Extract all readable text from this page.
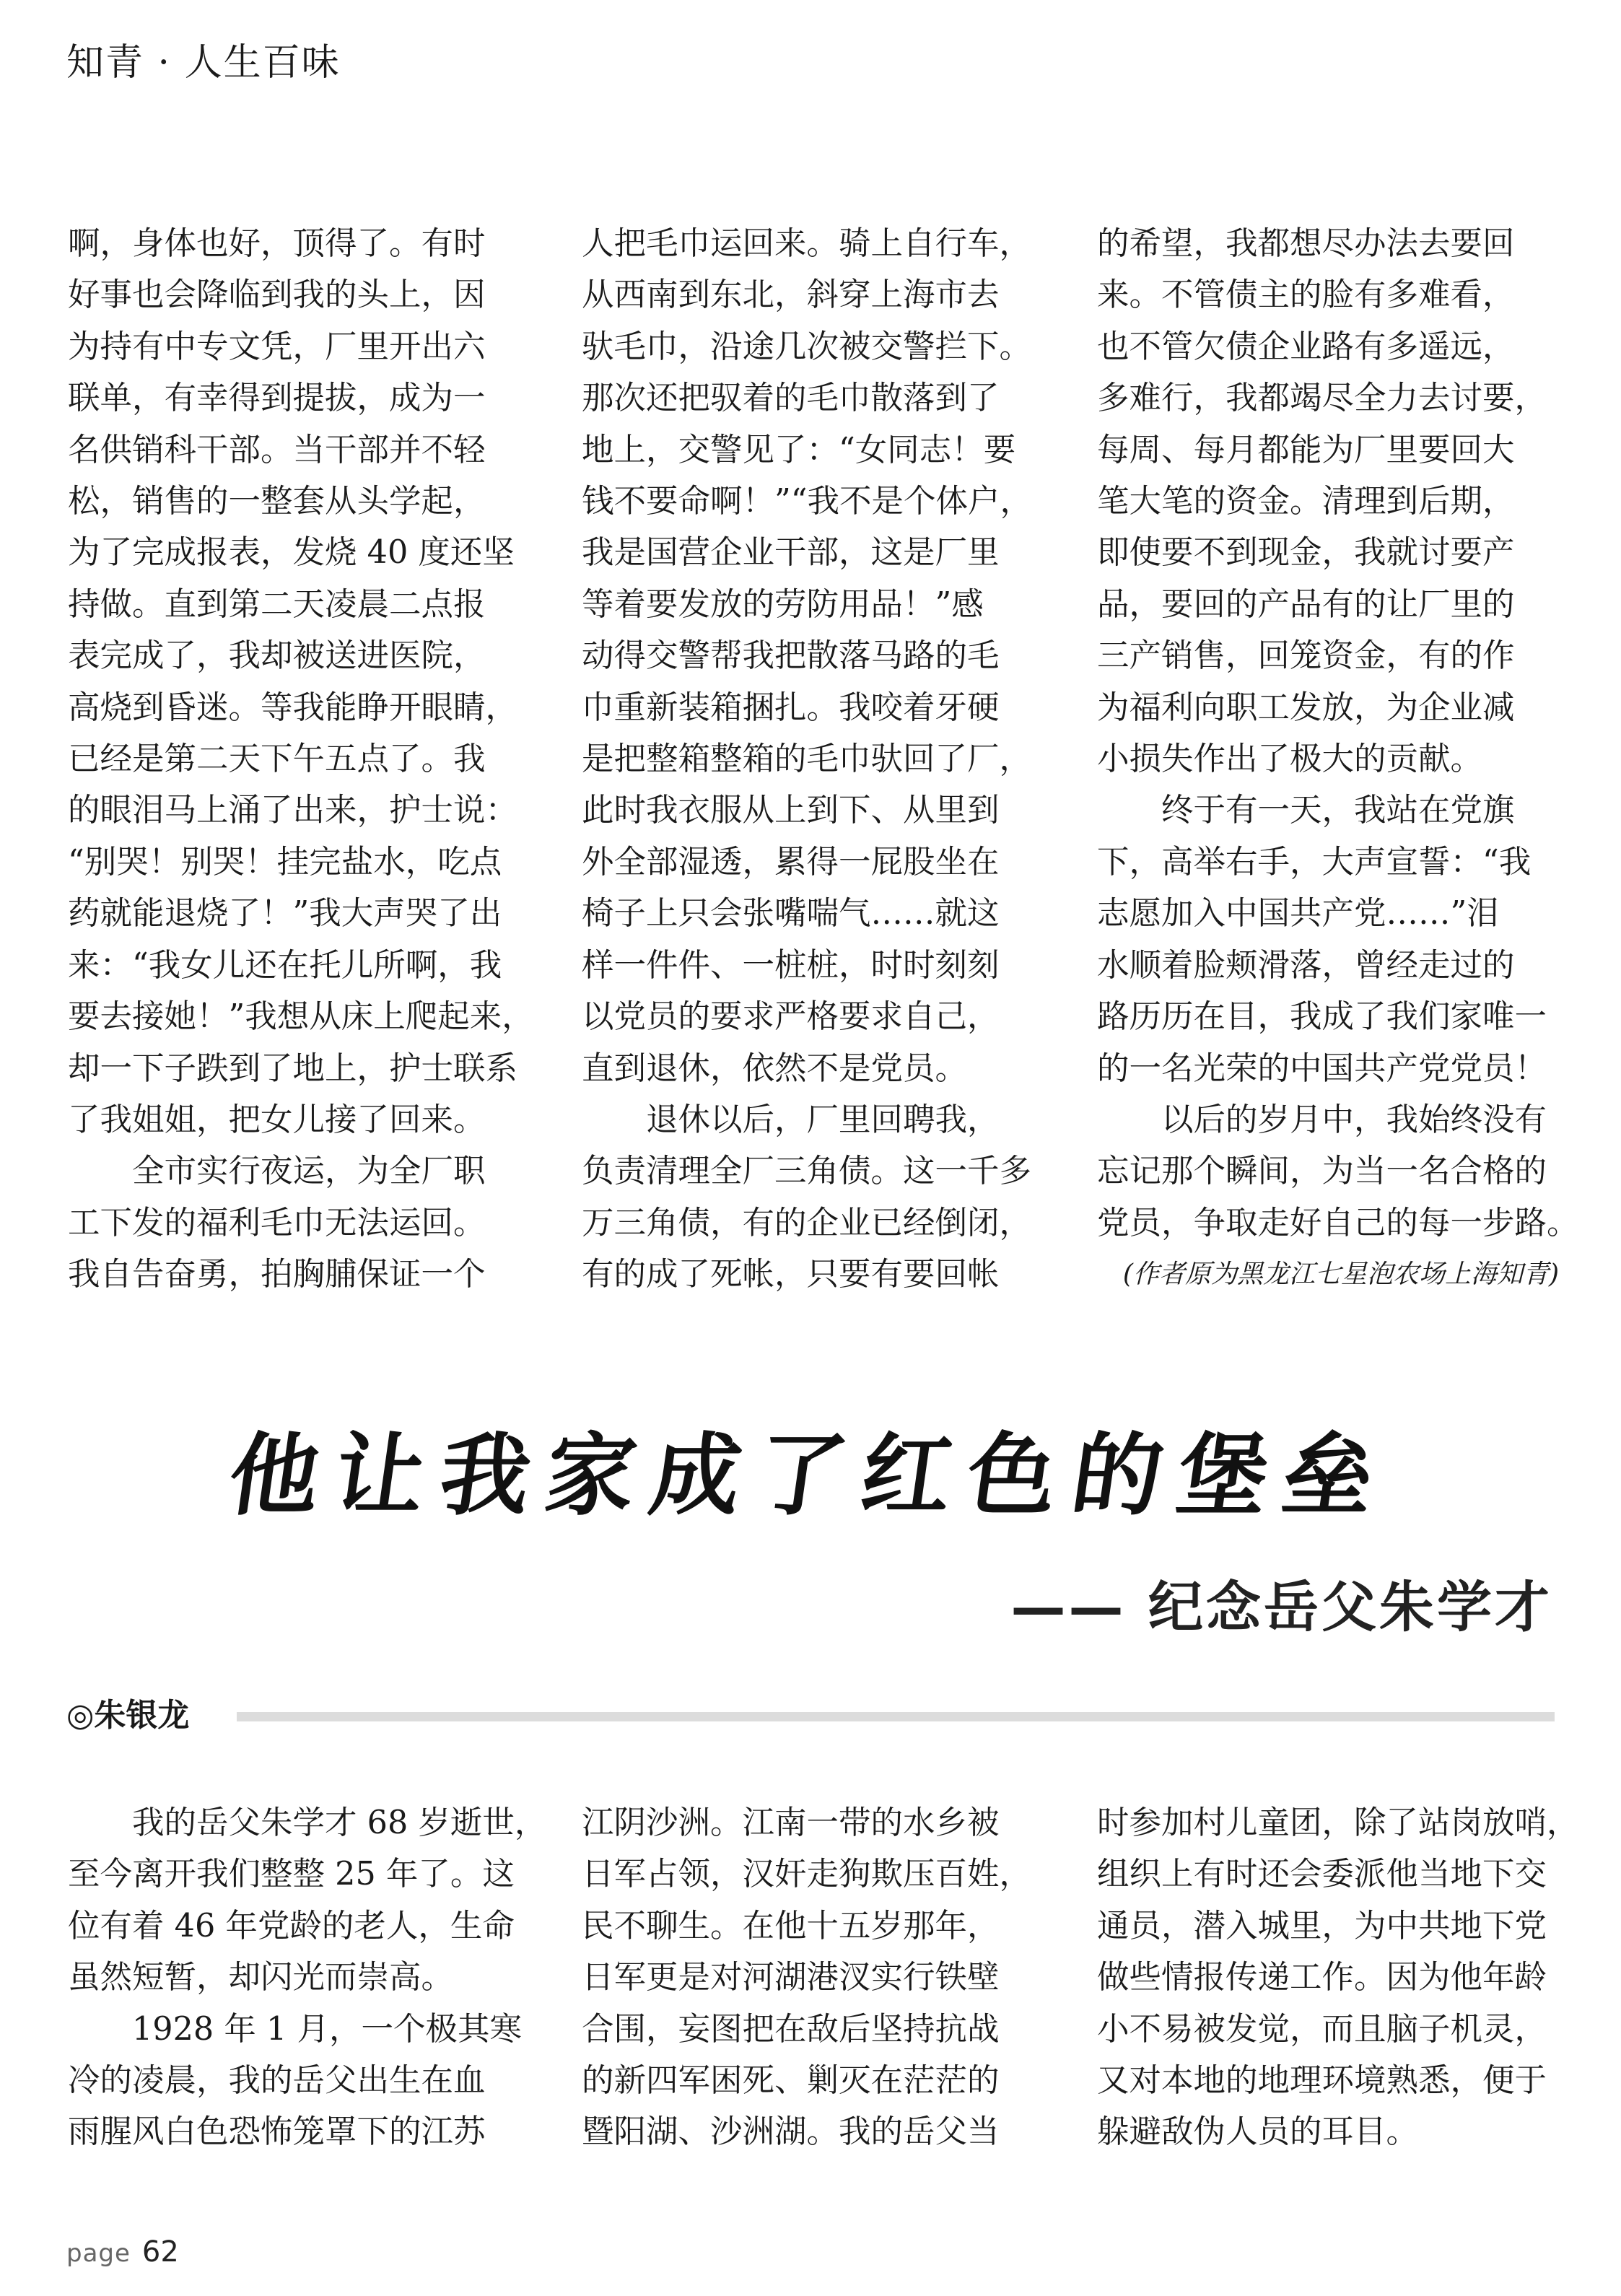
知青 · 人生百味

啊，身体也好，顶得了。有时

好事也会降临到我的头上，因

为持有中专文凭，厂里开出六

联单，有幸得到提拔，成为一

名供销科干部。当干部并不轻

松，销售的一整套从头学起，

为了完成报表，发烧 40 度还坚

持做。直到第二天凌晨二点报

表完成了，我却被送进医院，

高烧到昏迷。等我能睁开眼睛，

已经是第二天下午五点了。我

的眼泪马上涌了出来，护士说：

“别哭！别哭！挂完盐水，吃点

药就能退烧了！”我大声哭了出

来：“我女儿还在托儿所啊，我

要去接她！”我想从床上爬起来，

却一下子跌到了地上，护士联系

了我姐姐，把女儿接了回来。

　　全市实行夜运，为全厂职

工下发的福利毛巾无法运回。

我自告奋勇，拍胸脯保证一个

人把毛巾运回来。骑上自行车，

从西南到东北，斜穿上海市去

驮毛巾，沿途几次被交警拦下。

那次还把驭着的毛巾散落到了

地上，交警见了：“女同志！要

钱不要命啊！”“我不是个体户，

我是国营企业干部，这是厂里

等着要发放的劳防用品！”感

动得交警帮我把散落马路的毛

巾重新装箱捆扎。我咬着牙硬

是把整箱整箱的毛巾驮回了厂，

此时我衣服从上到下、从里到

外全部湿透，累得一屁股坐在

椅子上只会张嘴喘气……就这

样一件件、一桩桩，时时刻刻

以党员的要求严格要求自己，

直到退休，依然不是党员。

　　退休以后，厂里回聘我，

负责清理全厂三角债。这一千多

万三角债，有的企业已经倒闭，

有的成了死帐，只要有要回帐

的希望，我都想尽办法去要回

来。不管债主的脸有多难看，

也不管欠债企业路有多遥远，

多难行，我都竭尽全力去讨要，

每周、每月都能为厂里要回大

笔大笔的资金。清理到后期，

即使要不到现金，我就讨要产

品，要回的产品有的让厂里的

三产销售，回笼资金，有的作

为福利向职工发放，为企业减

小损失作出了极大的贡献。

　　终于有一天，我站在党旗

下，高举右手，大声宣誓：“我

志愿加入中国共产党……”泪

水顺着脸颊滑落，曾经走过的

路历历在目，我成了我们家唯一

的一名光荣的中国共产党党员！

　　以后的岁月中，我始终没有

忘记那个瞬间，为当一名合格的

党员，争取走好自己的每一步路。

(作者原为黑龙江七星泡农场上海知青)

他让我家成了红色的堡垒
—— 纪念岳父朱学才
◎朱银龙

　　我的岳父朱学才 68 岁逝世，

至今离开我们整整 25 年了。这

位有着 46 年党龄的老人，生命

虽然短暂，却闪光而崇高。

　　1928 年 1 月，一个极其寒

冷的凌晨，我的岳父出生在血

雨腥风白色恐怖笼罩下的江苏

江阴沙洲。江南一带的水乡被

日军占领，汉奸走狗欺压百姓，

民不聊生。在他十五岁那年，

日军更是对河湖港汊实行铁壁

合围，妄图把在敌后坚持抗战

的新四军困死、剿灭在茫茫的

暨阳湖、沙洲湖。我的岳父当

时参加村儿童团，除了站岗放哨，

组织上有时还会委派他当地下交

通员，潜入城里，为中共地下党

做些情报传递工作。因为他年龄

小不易被发觉，而且脑子机灵，

又对本地的地理环境熟悉，便于

躲避敌伪人员的耳目。

page 62
